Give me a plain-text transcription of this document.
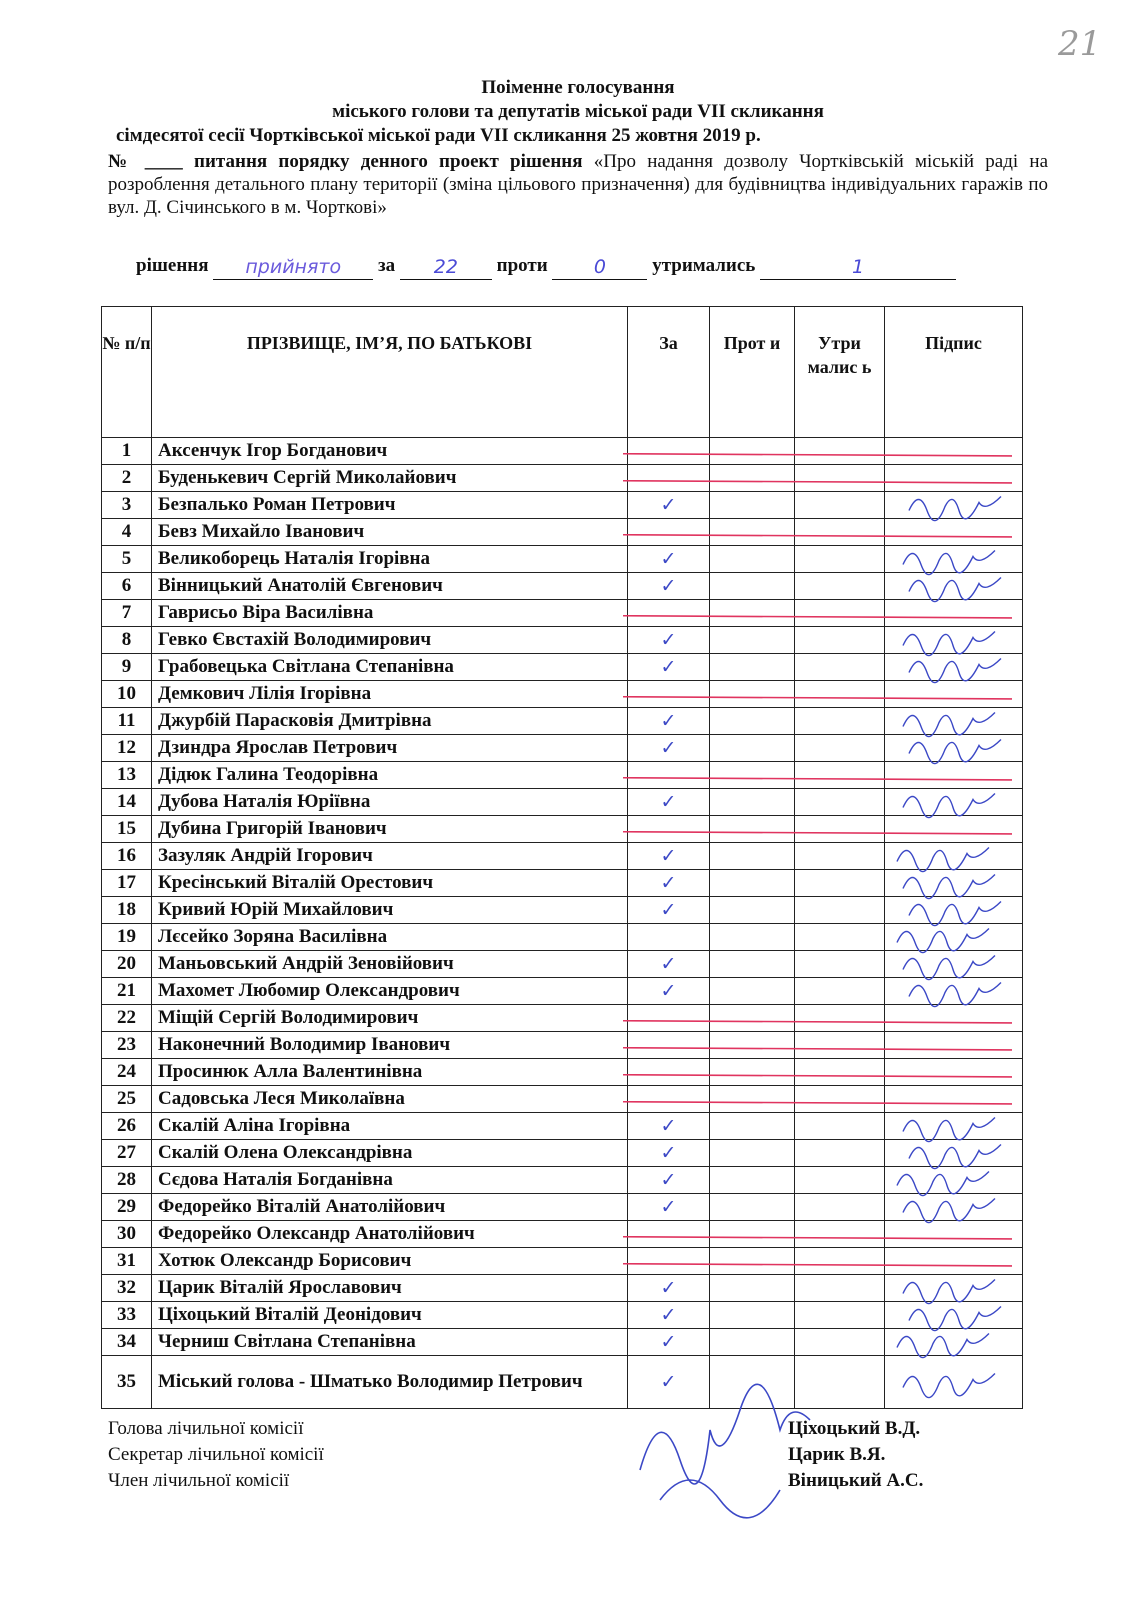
21
Поіменне голосування
міського голови та депутатів міської ради VII скликання
сімдесятої сесії Чортківської міської ради VII скликання 25 жовтня 2019 р.
№ ____ питання порядку денного проект рішення «Про надання дозволу Чортківській міській раді на розроблення детального плану території (зміна цільового призначення) для будівництва індивідуальних гаражів по вул. Д. Січинського в м. Чорткові»
рішення прийнято за 22 проти 0 утримались	1
№ п/п	ПРІЗВИЩЕ, ІМ’Я, ПО БАТЬКОВІ	За	Прот и	Утри малис ь	Підпис
1	Аксенчук Ігор Богданович				
2	Буденькевич Сергій Миколайович				
3	Безпалько Роман Петрович	✓			
4	Бевз Михайло Іванович				
5	Великоборець Наталія Ігорівна	✓			
6	Вінницький Анатолій Євгенович	✓			
7	Гаврисьо Віра Василівна				
8	Гевко Євстахій Володимирович	✓			
9	Грабовецька Світлана Степанівна	✓			
10	Демкович Лілія Ігорівна				
11	Джурбій Парасковія Дмитрівна	✓			
12	Дзиндра Ярослав Петрович	✓			
13	Дідюк Галина Теодорівна				
14	Дубова Наталія Юріївна	✓			
15	Дубина Григорій Іванович				
16	Зазуляк Андрій Ігорович	✓			
17	Кресінський Віталій Орестович	✓			
18	Кривий Юрій Михайлович	✓			
19	Лєсейко Зоряна Василівна				
20	Маньовський Андрій Зеновійович	✓			
21	Махомет Любомир Олександрович	✓			
22	Міщій Сергій Володимирович				
23	Наконечний Володимир Іванович				
24	Просинюк Алла Валентинівна				
25	Садовська Леся Миколаївна				
26	Скалій Аліна Ігорівна	✓			
27	Скалій Олена Олександрівна	✓			
28	Сєдова Наталія Богданівна	✓			
29	Федорейко Віталій Анатолійович	✓			
30	Федорейко Олександр Анатолійович				
31	Хотюк Олександр Борисович				
32	Царик Віталій Ярославович	✓			
33	Ціхоцький Віталій Деонідович	✓			
34	Черниш Світлана Степанівна	✓			
35	Міський голова - Шматько Володимир Петрович	✓			
Голова лічильної комісії	Ціхоцький В.Д.
Секретар лічильної комісії	Царик В.Я.
Член лічильної комісії	Віницький А.С.
